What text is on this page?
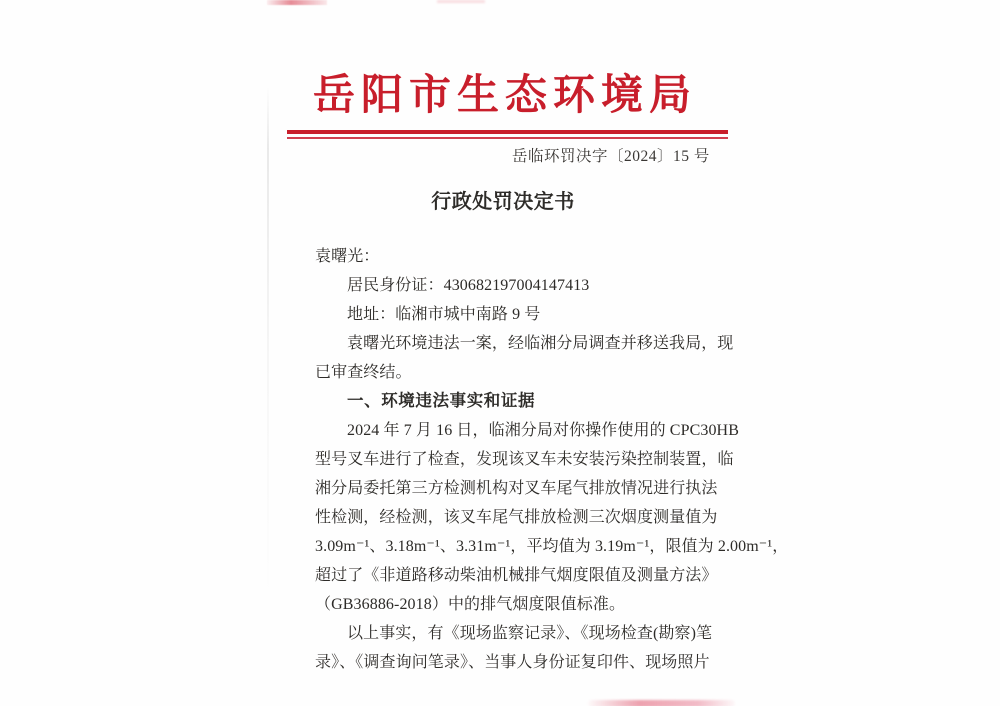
岳阳市生态环境局
岳临环罚决字〔2024〕15 号
行政处罚决定书
袁曙光：
居民身份证：430682197004147413
地址：临湘市城中南路 9 号
袁曙光环境违法一案，经临湘分局调查并移送我局，现
已审查终结。
一、环境违法事实和证据
2024 年 7 月 16 日，临湘分局对你操作使用的 CPC30HB
型号叉车进行了检查，发现该叉车未安装污染控制装置，临
湘分局委托第三方检测机构对叉车尾气排放情况进行执法
性检测，经检测，该叉车尾气排放检测三次烟度测量值为
3.09m⁻¹、3.18m⁻¹、3.31m⁻¹，平均值为 3.19m⁻¹，限值为 2.00m⁻¹，
超过了《非道路移动柴油机械排气烟度限值及测量方法》
（GB36886-2018）中的排气烟度限值标准。
以上事实，有《现场监察记录》、《现场检查(勘察)笔
录》、《调查询问笔录》、当事人身份证复印件、现场照片
